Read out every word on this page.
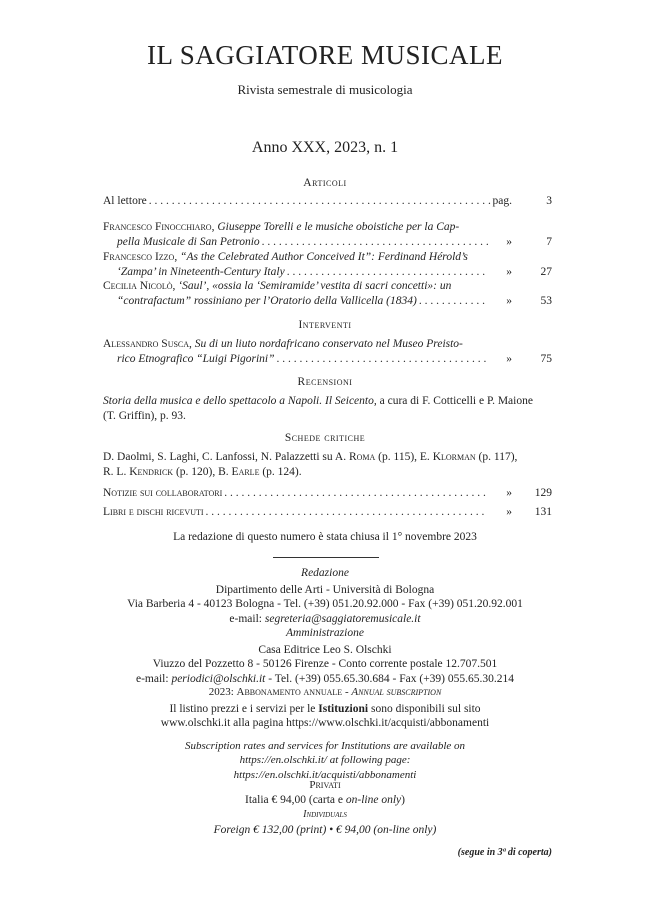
IL SAGGIATORE MUSICALE
Rivista semestrale di musicologia
Anno XXX, 2023, n. 1
Articoli
Al lettore . . .	pag.	3
Francesco Finocchiaro, Giuseppe Torelli e le musiche oboistiche per la Cap-
pella Musicale di San Petronio . . .	»	7
Francesco Izzo, “As the Celebrated Author Conceived It”: Ferdinand Hérold’s
‘Zampa’ in Nineteenth-Century Italy . . .	»	27
Cecilia Nicolò, ‘Saul’, «ossia la ‘Semiramide’ vestita di sacri concetti»: un
“contrafactum” rossiniano per l’Oratorio della Vallicella (1834) . . .	»	53
Interventi
Alessandro Susca, Su di un liuto nordafricano conservato nel Museo Preisto-
rico Etnografico “Luigi Pigorini” . . .	»	75
Recensioni
Storia della musica e dello spettacolo a Napoli. Il Seicento, a cura di F. Cotticelli e P. Maione
(T. Griffin), p. 93.
Schede critiche
D. Daolmi, S. Laghi, C. Lanfossi, N. Palazzetti su A. Roma (p. 115), E. Klorman (p. 117),
R. L. Kendrick (p. 120), B. Earle (p. 124).
Notizie sui collaboratori . . .	»	129
Libri e dischi ricevuti . . .	»	131
La redazione di questo numero è stata chiusa il 1° novembre 2023
Redazione
Dipartimento delle Arti - Università di Bologna
Via Barberia 4 - 40123 Bologna - Tel. (+39) 051.20.92.000 - Fax (+39) 051.20.92.001
e-mail: segreteria@saggiatoremusicale.it
Amministrazione
Casa Editrice Leo S. Olschki
Viuzzo del Pozzetto 8 - 50126 Firenze - Conto corrente postale 12.707.501
e-mail: periodici@olschki.it - Tel. (+39) 055.65.30.684 - Fax (+39) 055.65.30.214
2023: Abbonamento annuale - Annual subscription
Il listino prezzi e i servizi per le Istituzioni sono disponibili sul sito
www.olschki.it alla pagina https://www.olschki.it/acquisti/abbonamenti
Subscription rates and services for Institutions are available on
https://en.olschki.it/ at following page:
https://en.olschki.it/acquisti/abbonamenti
Privati
Italia € 94,00 (carta e on-line only)
Individuals
Foreign € 132,00 (print) • € 94,00 (on-line only)
(segue in 3ª di coperta)
